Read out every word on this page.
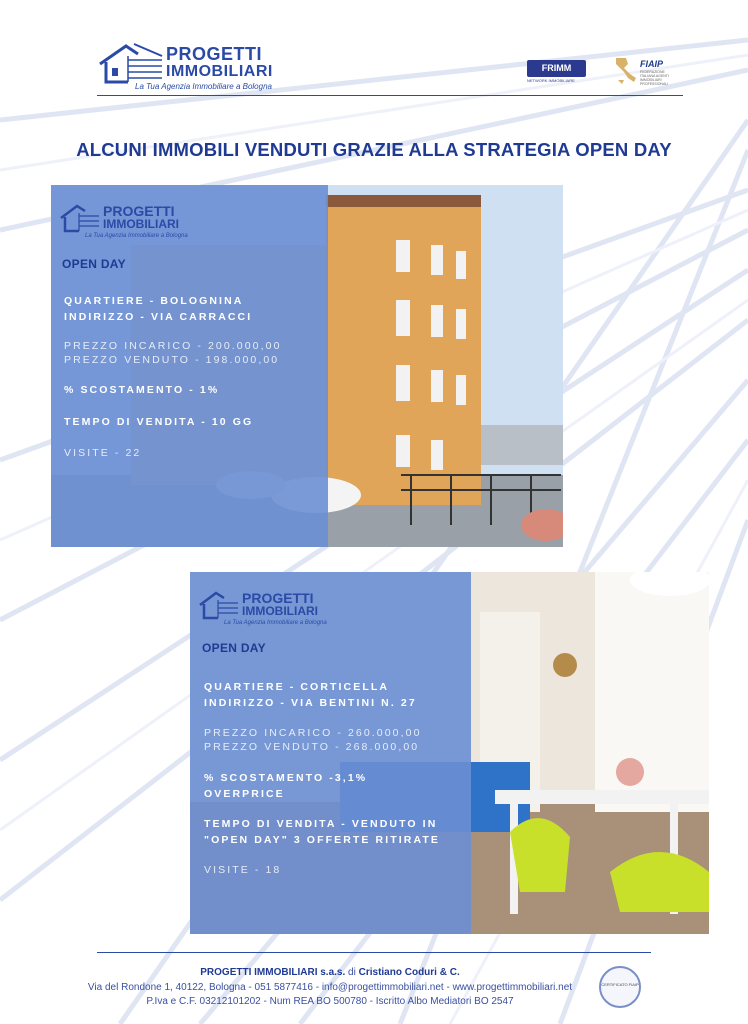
PROGETTI
IMMOBILIARI
La Tua Agenzia Immobiliare a Bologna
FRIMM
NETWORK IMMOBILIARE
FIAIP
FEDERAZIONE ITALIANA AGENTI IMMOBILIARI PROFESSIONALI
ALCUNI IMMOBILI VENDUTI GRAZIE ALLA STRATEGIA OPEN DAY
PROGETTI
IMMOBILIARI
La Tua Agenzia Immobiliare a Bologna
OPEN DAY
QUARTIERE - BOLOGNINA
INDIRIZZO - VIA CARRACCI
PREZZO INCARICO - 200.000,00
PREZZO VENDUTO - 198.000,00
% SCOSTAMENTO - 1%
TEMPO DI VENDITA - 10 GG
VISITE - 22
PROGETTI
IMMOBILIARI
La Tua Agenzia Immobiliare a Bologna
OPEN DAY
QUARTIERE - CORTICELLA
INDIRIZZO - VIA BENTINI N. 27
PREZZO INCARICO - 260.000,00
PREZZO VENDUTO - 268.000,00
% SCOSTAMENTO -3,1%
OVERPRICE
TEMPO DI VENDITA - VENDUTO IN
"OPEN DAY" 3 OFFERTE RITIRATE
VISITE - 18
PROGETTI IMMOBILIARI s.a.s. di Cristiano Coduri & C.
Via del Rondone 1, 40122, Bologna - 051 5877416 - info@progettimmobiliari.net - www.progettimmobiliari.net
P.Iva e C.F. 03212101202 - Num REA BO 500780 - Iscritto Albo Mediatori BO 2547
CERTIFICATO FIAIP
